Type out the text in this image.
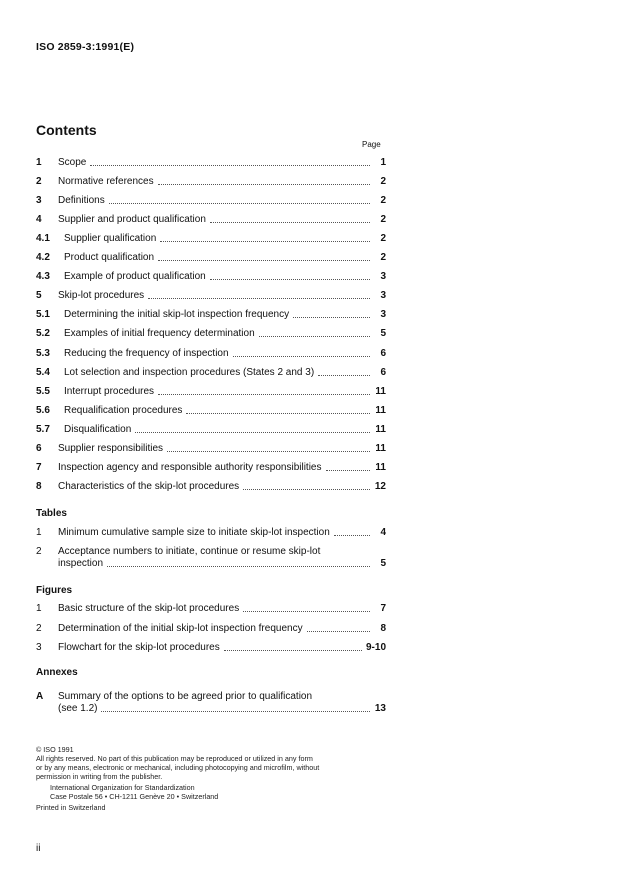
ISO 2859-3:1991(E)
Contents
Page
1	Scope	1
2	Normative references	2
3	Definitions	2
4	Supplier and product qualification	2
4.1	Supplier qualification	2
4.2	Product qualification	2
4.3	Example of product qualification	3
5	Skip-lot procedures	3
5.1	Determining the initial skip-lot inspection frequency	3
5.2	Examples of initial frequency determination	5
5.3	Reducing the frequency of inspection	6
5.4	Lot selection and inspection procedures (States 2 and 3)	6
5.5	Interrupt procedures	11
5.6	Requalification procedures	11
5.7	Disqualification	11
6	Supplier responsibilities	11
7	Inspection agency and responsible authority responsibilities	11
8	Characteristics of the skip-lot procedures	12
Tables
1	Minimum cumulative sample size to initiate skip-lot inspection	4
2	Acceptance numbers to initiate, continue or resume skip-lot
inspection	5
Figures
1	Basic structure of the skip-lot procedures	7
2	Determination of the initial skip-lot inspection frequency	8
3	Flowchart for the skip-lot procedures	9-10
Annexes
A	Summary of the options to be agreed prior to qualification
(see 1.2)	13
© ISO 1991
All rights reserved. No part of this publication may be reproduced or utilized in any form
or by any means, electronic or mechanical, including photocopying and microfilm, without
permission in writing from the publisher.
International Organization for Standardization
Case Postale 56 • CH-1211 Genève 20 • Switzerland
Printed in Switzerland
ii
